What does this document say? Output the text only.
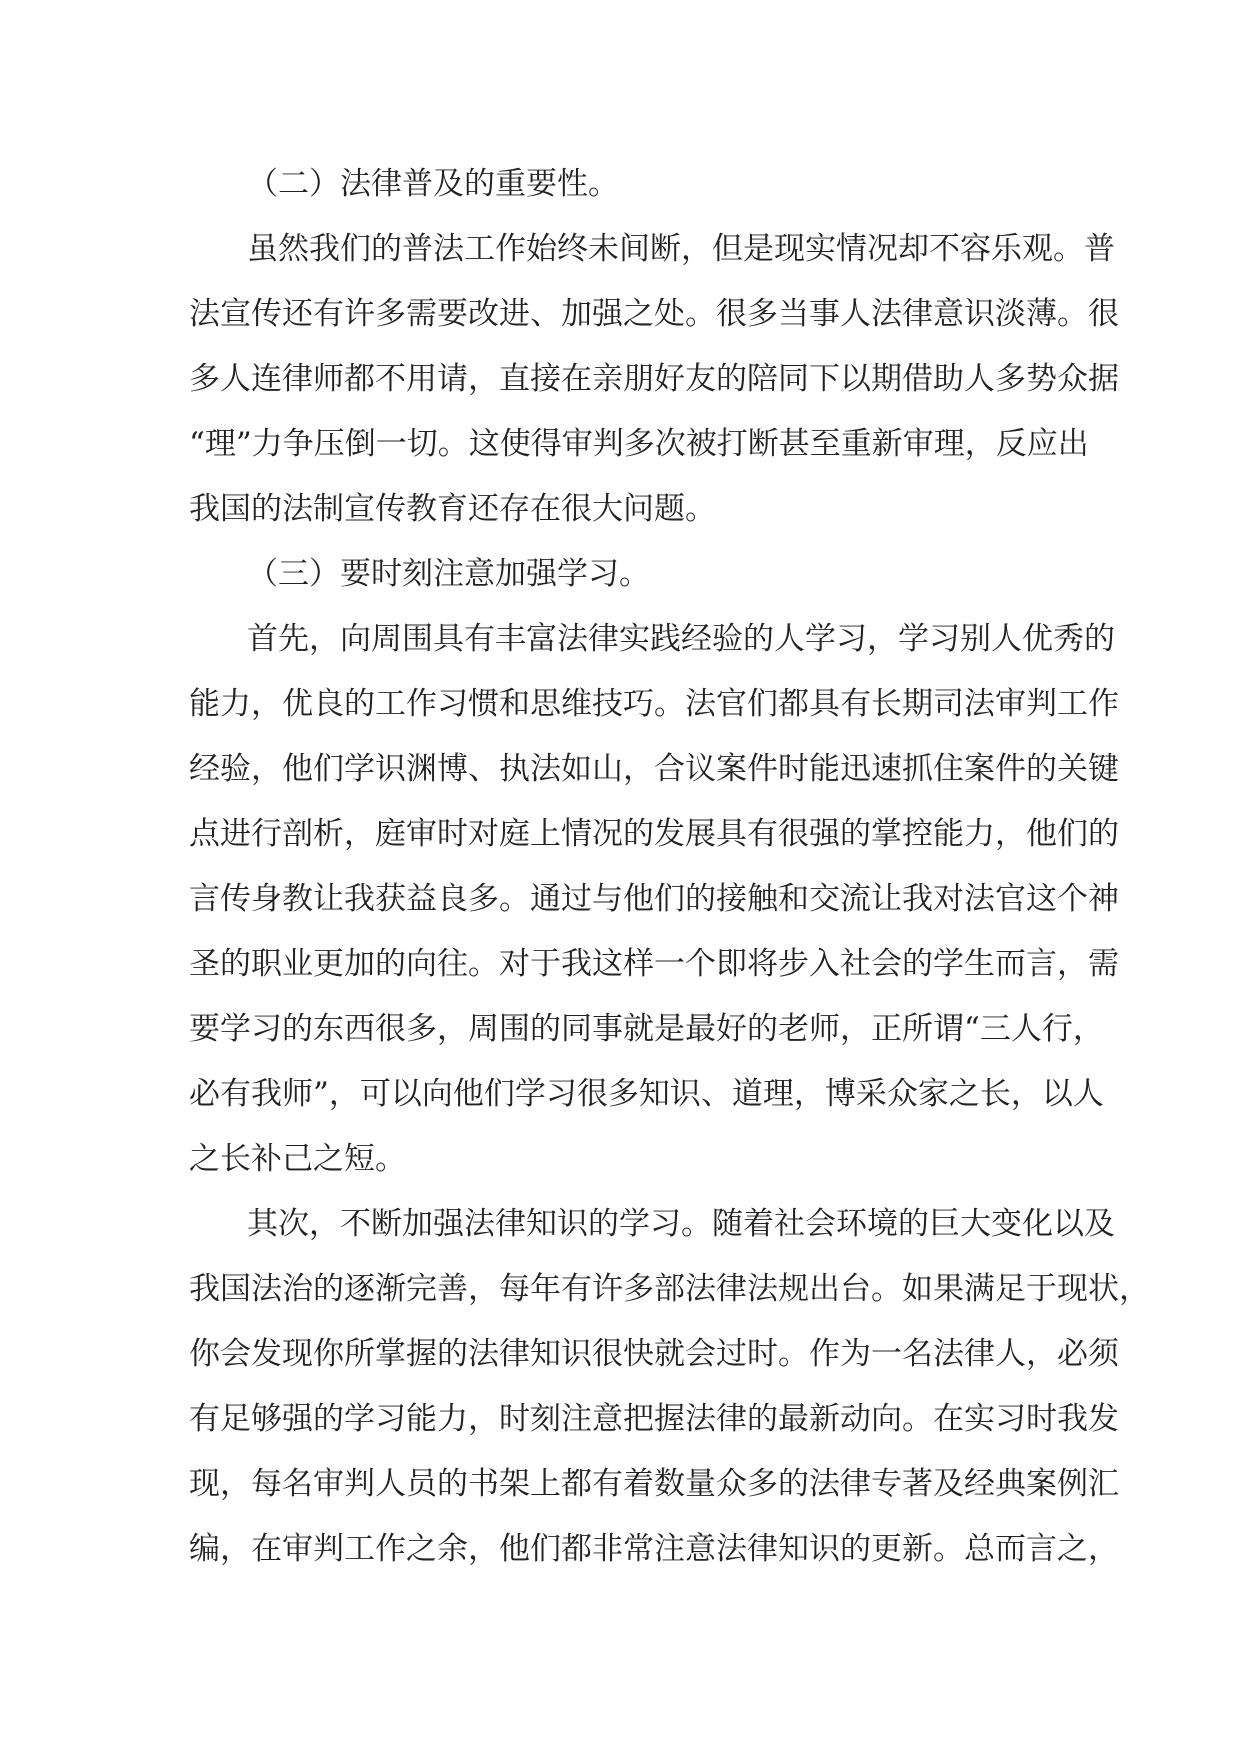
（二）法律普及的重要性。
虽然我们的普法工作始终未间断，但是现实情况却不容乐观。普
法宣传还有许多需要改进、加强之处。很多当事人法律意识淡薄。很
多人连律师都不用请，直接在亲朋好友的陪同下以期借助人多势众据
“理”力争压倒一切。这使得审判多次被打断甚至重新审理，反应出
我国的法制宣传教育还存在很大问题。
（三）要时刻注意加强学习。
首先，向周围具有丰富法律实践经验的人学习，学习别人优秀的
能力，优良的工作习惯和思维技巧。法官们都具有长期司法审判工作
经验，他们学识渊博、执法如山，合议案件时能迅速抓住案件的关键
点进行剖析，庭审时对庭上情况的发展具有很强的掌控能力，他们的
言传身教让我获益良多。通过与他们的接触和交流让我对法官这个神
圣的职业更加的向往。对于我这样一个即将步入社会的学生而言，需
要学习的东西很多，周围的同事就是最好的老师，正所谓“三人行，
必有我师”，可以向他们学习很多知识、道理，博采众家之长，以人
之长补己之短。
其次，不断加强法律知识的学习。随着社会环境的巨大变化以及
我国法治的逐渐完善，每年有许多部法律法规出台。如果满足于现状，
你会发现你所掌握的法律知识很快就会过时。作为一名法律人，必须
有足够强的学习能力，时刻注意把握法律的最新动向。在实习时我发
现，每名审判人员的书架上都有着数量众多的法律专著及经典案例汇
编，在审判工作之余，他们都非常注意法律知识的更新。总而言之，
